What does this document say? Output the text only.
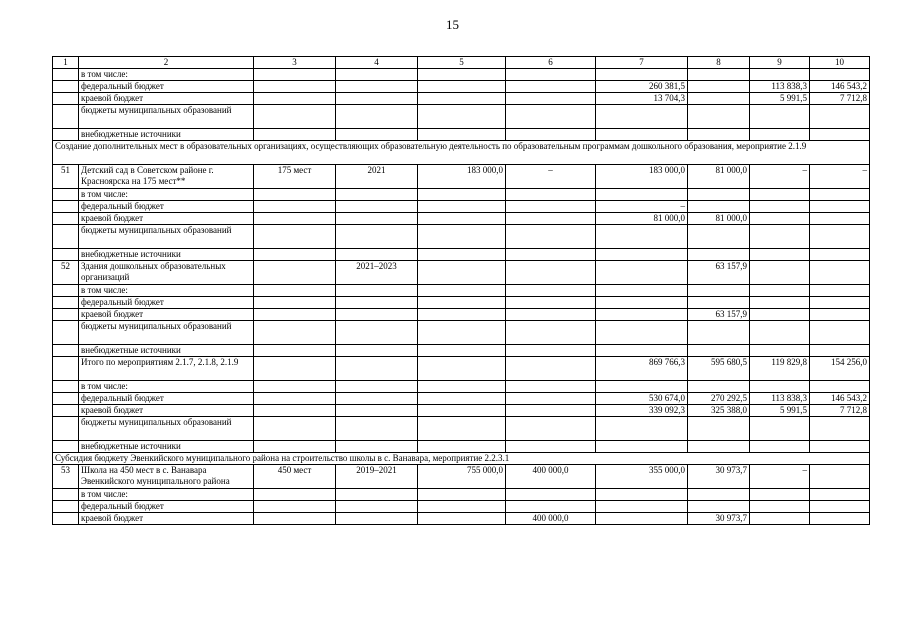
15
1	2	3	4	5	6	7	8	9	10
	в том числе:								
	федеральный бюджет					260 381,5		113 838,3	146 543,2
	краевой бюджет					13 704,3		5 991,5	7 712,8
	бюджеты муниципальных образований								
	внебюджетные источники								
Создание дополнительных мест в образовательных организациях, осуществляющих образовательную деятельность по образовательным программам дошкольного образования, мероприятие 2.1.9									
51	Детский сад в Советском районе г. Красноярска на 175 мест**	175 мест	2021	183 000,0	–	183 000,0	81 000,0	–	–
	в том числе:								
	федеральный бюджет					–			
	краевой бюджет					81 000,0	81 000,0		
	бюджеты муниципальных образований								
	внебюджетные источники								
52	Здания дошкольных образовательных организаций		2021–2023				63 157,9		
	в том числе:								
	федеральный бюджет								
	краевой бюджет						63 157,9		
	бюджеты муниципальных образований								
	внебюджетные источники								
	Итого по мероприятиям 2.1.7, 2.1.8, 2.1.9					869 766,3	595 680,5	119 829,8	154 256,0
	в том числе:								
	федеральный бюджет					530 674,0	270 292,5	113 838,3	146 543,2
	краевой бюджет					339 092,3	325 388,0	5 991,5	7 712,8
	бюджеты муниципальных образований								
	внебюджетные источники								
Субсидия бюджету Эвенкийского муниципального района на строительство школы в с. Ванавара, мероприятие 2.2.3.1									
53	Школа на 450 мест в с. Ванавара Эвенкийского муниципального района	450 мест	2019–2021	755 000,0	400 000,0	355 000,0	30 973,7	–	
	в том числе:								
	федеральный бюджет								
	краевой бюджет				400 000,0		30 973,7		
